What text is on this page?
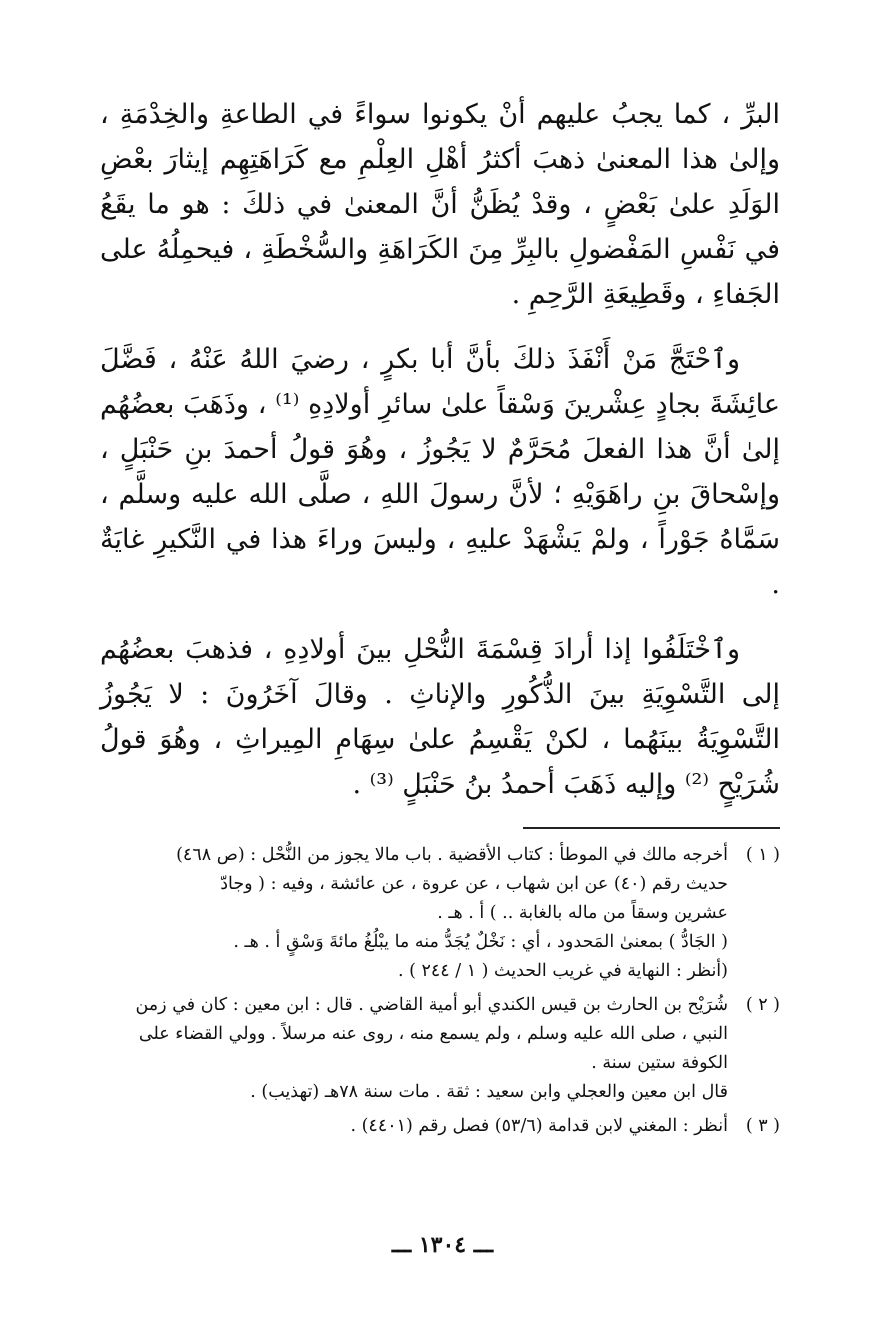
البرِّ ، كما يجبُ عليهم أنْ يكونوا سواءً في الطاعةِ والخِدْمَةِ ، وإلىٰ هذا المعنىٰ ذهبَ أكثرُ أهْلِ العِلْمِ مع كَرَاهَتِهِم إيثارَ بعْضِ الوَلَدِ علىٰ بَعْضٍ ، وقدْ يُظَنُّ أنَّ المعنىٰ في ذلكَ : هو ما يقَعُ في نَفْسِ المَفْضولِ بالبِرِّ مِنَ الكَرَاهَةِ والسُّخْطَةِ ، فيحمِلُهُ على الجَفاءِ ، وقَطِيعَةِ الرَّحِمِ .

وٱحْتَجَّ مَنْ أَنْفَذَ ذلكَ بأنَّ أبا بكرٍ ، رضيَ اللهُ عَنْهُ ، فَضَّلَ عائِشَةَ بجادٍ عِشْرينَ وَسْقاً علىٰ سائرِ أولادِهِ ⁽¹⁾ ، وذَهَبَ بعضُهُم إلىٰ أنَّ هذا الفعلَ مُحَرَّمٌ لا يَجُوزُ ، وهُوَ قولُ أحمدَ بنِ حَنْبَلٍ ، وإسْحاقَ بنِ راهَوَيْهِ ؛ لأنَّ رسولَ اللهِ ، صلَّى الله عليه وسلَّم ، سَمَّاهُ جَوْراً ، ولمْ يَشْهَدْ عليهِ ، وليسَ وراءَ هذا في النَّكيرِ غايَةٌ .

وٱخْتَلَفُوا إذا أرادَ قِسْمَةَ النُّحْلِ بينَ أولادِهِ ، فذهبَ بعضُهُم إلى التَّسْوِيَةِ بينَ الذُّكُورِ والإناثِ . وقالَ آخَرُونَ : لا يَجُوزُ التَّسْوِيَةُ بينَهُما ، لكنْ يَقْسِمُ علىٰ سِهَامِ المِيراثِ ، وهُوَ قولُ شُرَيْحٍ ⁽²⁾ وإليه ذَهَبَ أحمدُ بنُ حَنْبَلٍ ⁽³⁾ .

( ١ )
أخرجه مالك في الموطأ : كتاب الأقضية . باب مالا يجوز من النُّحْل : (ص ٤٦٨)
حديث رقم (٤٠) عن ابن شهاب ، عن عروة ، عن عائشة ، وفيه : ( وجادّ
عشرين وسقاً من ماله بالغابة .. ) أ . هـ .
( الجَادُّ ) بمعنىٰ المَحدود ، أي : نَخْلٌ يُجَدُّ منه ما يبْلُغُ مائةَ وَسْقٍ أ . هـ .
(أنظر : النهاية في غريب الحديث ( ١ / ٢٤٤ ) .
( ٢ )
شُرَيْح بن الحارث بن قيس الكندي أبو أمية القاضي . قال : ابن معين : كان في زمن النبي ، صلى الله عليه وسلم ، ولم يسمع منه ، روى عنه مرسلاً . وولي القضاء على الكوفة ستين سنة .
قال ابن معين والعجلي وابن سعيد : ثقة . مات سنة ٧٨هـ (تهذيب) .
( ٣ )
أنظر : المغني لابن قدامة (٥٣/٦) فصل رقم (٤٤٠١) .
ـــ ١٣٠٤ ـــ
